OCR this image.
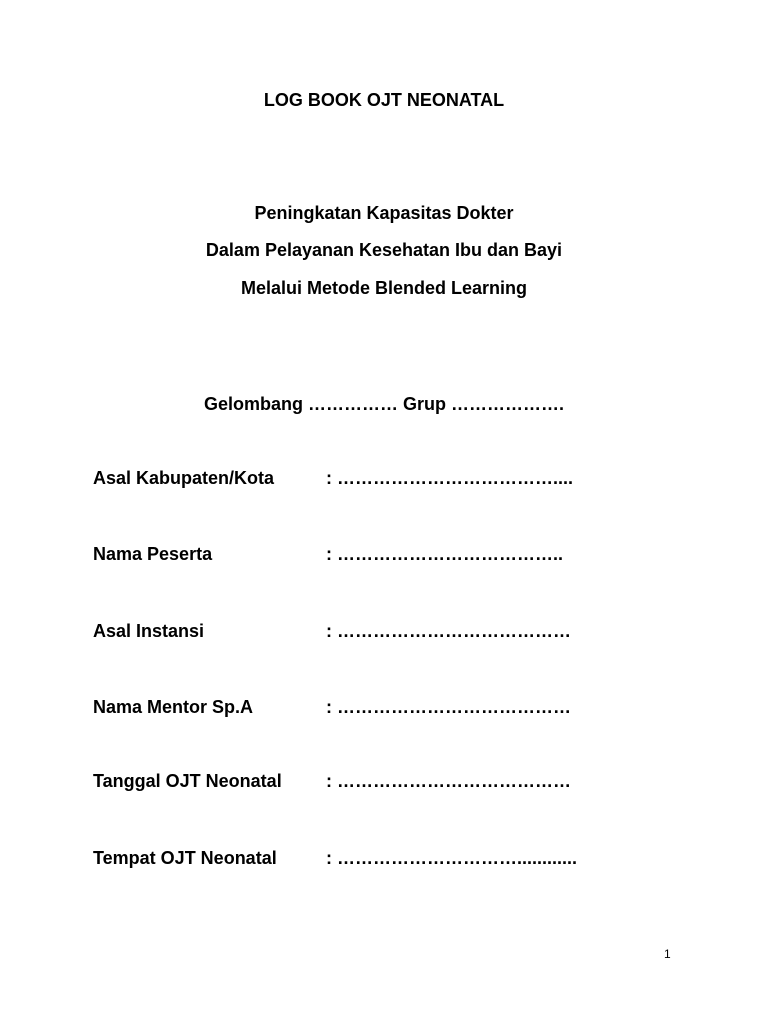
LOG BOOK OJT NEONATAL
Peningkatan Kapasitas Dokter
Dalam Pelayanan Kesehatan Ibu dan Bayi
Melalui Metode Blended Learning
Gelombang …………… Grup ……………….
Asal Kabupaten/Kota	: ………………………………....
Nama Peserta	: ………………………………..
Asal Instansi	: …………………………………
Nama Mentor Sp.A	: …………………………………
Tanggal OJT Neonatal : …………………………………
Tempat OJT Neonatal	: …………………………............
1
